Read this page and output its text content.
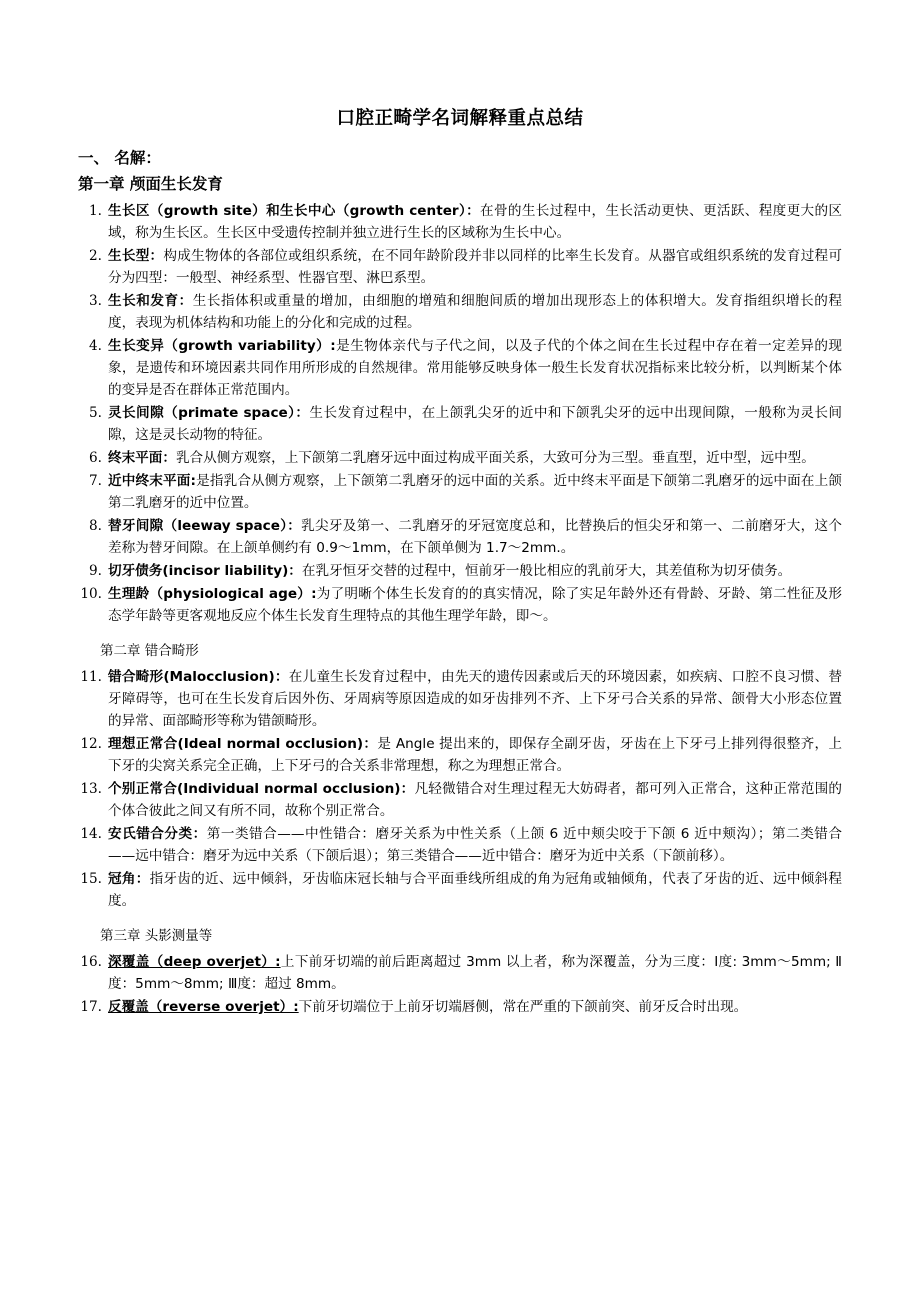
口腔正畸学名词解释重点总结
一、 名解：
第一章 颅面生长发育
1. 生长区（growth site）和生长中心（growth center）：在骨的生长过程中，生长活动更快、更活跃、程度更大的区域，称为生长区。生长区中受遗传控制并独立进行生长的区域称为生长中心。
2. 生长型：构成生物体的各部位或组织系统，在不同年龄阶段并非以同样的比率生长发育。从器官或组织系统的发育过程可分为四型：一般型、神经系型、性器官型、淋巴系型。
3. 生长和发育：生长指体积或重量的增加，由细胞的增殖和细胞间质的增加出现形态上的体积增大。发育指组织增长的程度，表现为机体结构和功能上的分化和完成的过程。
4. 生长变异（growth variability）:是生物体亲代与子代之间，以及子代的个体之间在生长过程中存在着一定差异的现象，是遗传和环境因素共同作用所形成的自然规律。常用能够反映身体一般生长发育状况指标来比较分析，以判断某个体的变异是否在群体正常范围内。
5. 灵长间隙（primate space）：生长发育过程中，在上颌乳尖牙的近中和下颌乳尖牙的远中出现间隙，一般称为灵长间隙，这是灵长动物的特征。
6. 终末平面：乳合从侧方观察，上下颌第二乳磨牙远中面过构成平面关系，大致可分为三型。垂直型，近中型，远中型。
7. 近中终末平面:是指乳合从侧方观察，上下颌第二乳磨牙的远中面的关系。近中终末平面是下颌第二乳磨牙的远中面在上颌第二乳磨牙的近中位置。
8. 替牙间隙（leeway space）：乳尖牙及第一、二乳磨牙的牙冠宽度总和，比替换后的恒尖牙和第一、二前磨牙大，这个差称为替牙间隙。在上颌单侧约有 0.9～1mm，在下颌单侧为 1.7～2mm.。
9. 切牙债务(incisor liability)：在乳牙恒牙交替的过程中，恒前牙一般比相应的乳前牙大，其差值称为切牙债务。
10. 生理龄（physiological age）:为了明晰个体生长发育的的真实情况，除了实足年龄外还有骨龄、牙龄、第二性征及形态学年龄等更客观地反应个体生长发育生理特点的其他生理学年龄，即～。
第二章 错合畸形
11. 错合畸形(Malocclusion)：在儿童生长发育过程中，由先天的遗传因素或后天的环境因素，如疾病、口腔不良习惯、替牙障碍等，也可在生长发育后因外伤、牙周病等原因造成的如牙齿排列不齐、上下牙弓合关系的异常、颌骨大小形态位置的异常、面部畸形等称为错颌畸形。
12. 理想正常合(Ideal normal occlusion)：是 Angle 提出来的，即保存全副牙齿，牙齿在上下牙弓上排列得很整齐，上下牙的尖窝关系完全正确，上下牙弓的合关系非常理想，称之为理想正常合。
13. 个别正常合(Individual normal occlusion)：凡轻微错合对生理过程无大妨碍者，都可列入正常合，这种正常范围的个体合彼此之间又有所不同，故称个别正常合。
14. 安氏错合分类：第一类错合——中性错合：磨牙关系为中性关系（上颌 6 近中颊尖咬于下颌 6 近中颊沟）；第二类错合——远中错合：磨牙为远中关系（下颌后退）；第三类错合——近中错合：磨牙为近中关系（下颌前移）。
15. 冠角：指牙齿的近、远中倾斜，牙齿临床冠长轴与合平面垂线所组成的角为冠角或轴倾角，代表了牙齿的近、远中倾斜程度。
第三章 头影测量等
16. 深覆盖（deep overjet）:上下前牙切端的前后距离超过 3mm 以上者，称为深覆盖，分为三度：Ⅰ度: 3mm～5mm; Ⅱ度：5mm～8mm; Ⅲ度：超过 8mm。
17. 反覆盖（reverse overjet）:下前牙切端位于上前牙切端唇侧，常在严重的下颌前突、前牙反合时出现。
